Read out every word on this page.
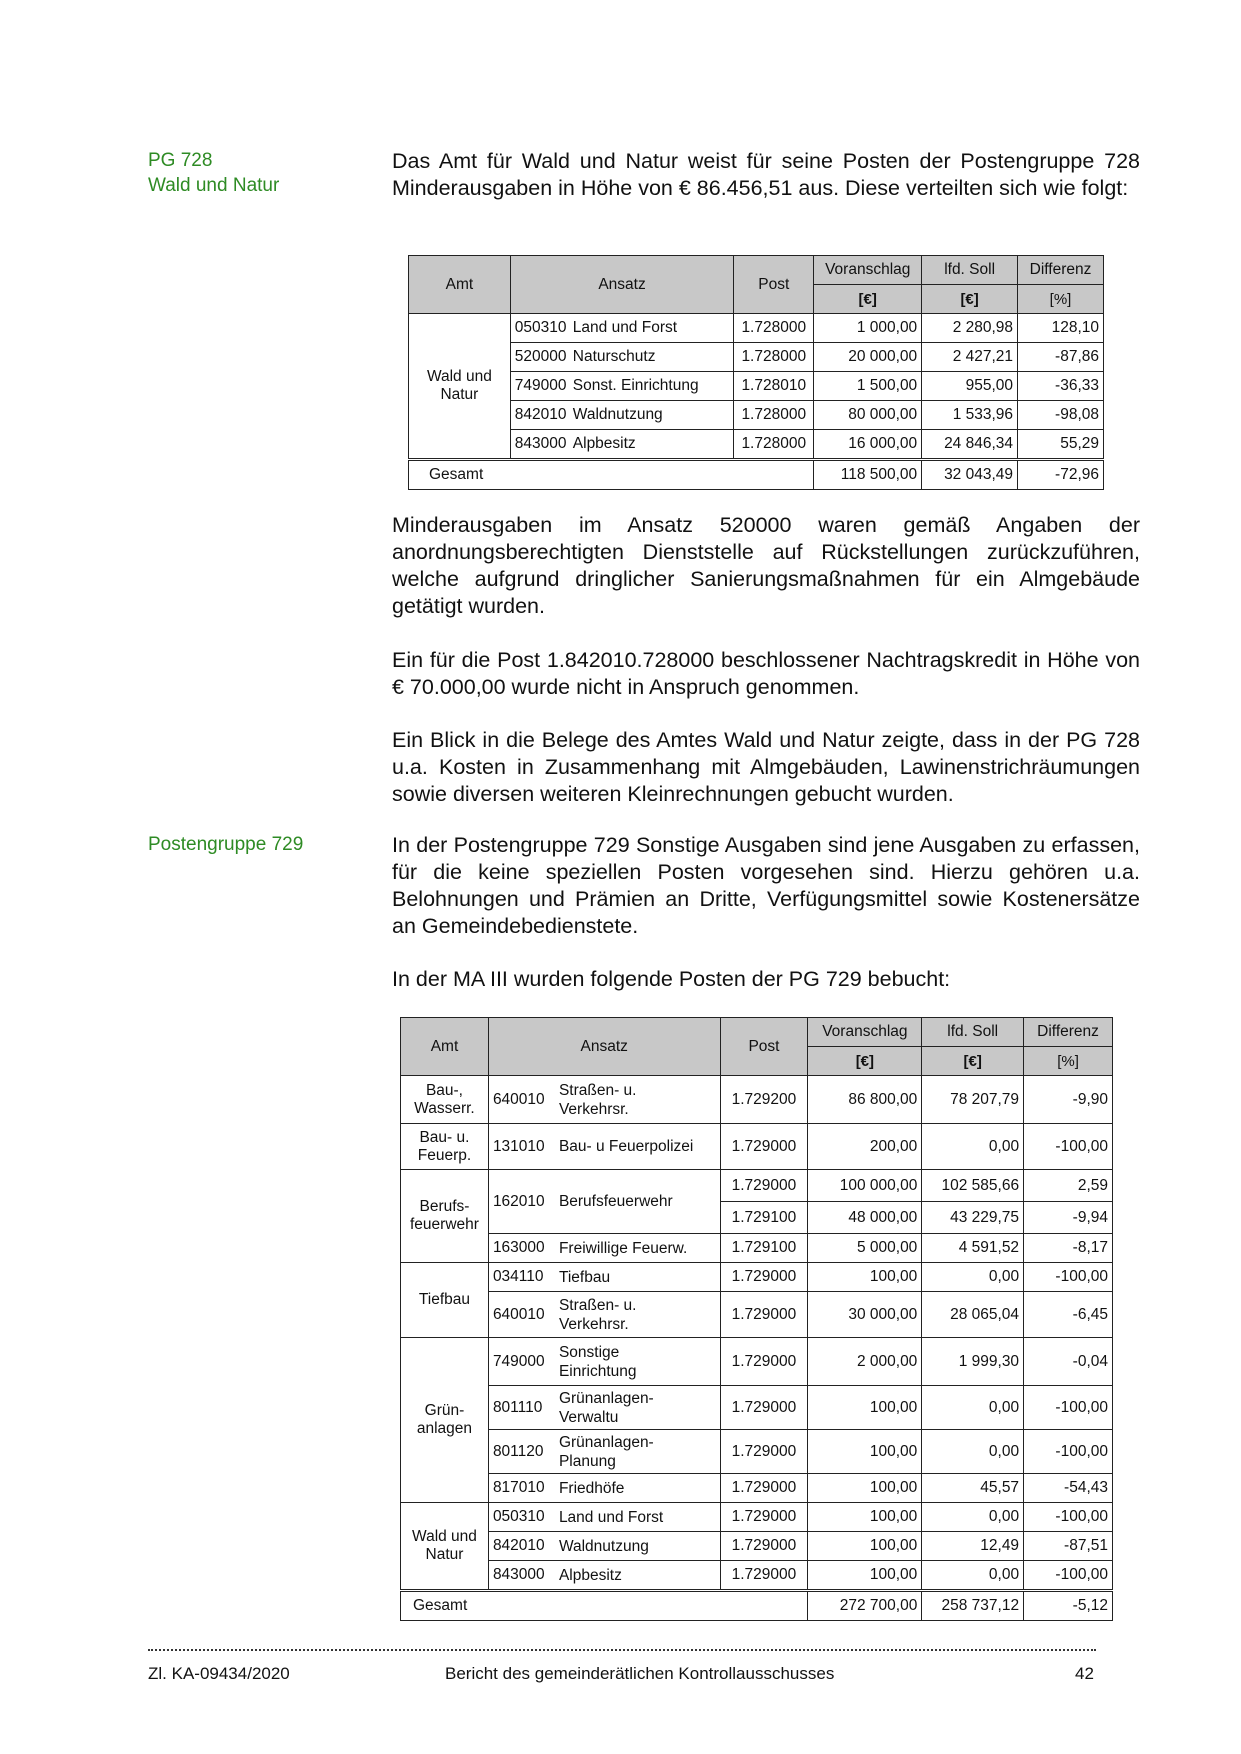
PG 728
Wald und Natur
Postengruppe 729
Das Amt für Wald und Natur weist für seine Posten der Postengruppe 728 Minderausgaben in Höhe von € 86.456,51 aus. Diese verteilten sich wie folgt:
Amt	Ansatz	Post	Voranschlag	lfd. Soll	Differenz
			[€]	[€]	[%]
Wald und Natur	050310 Land und Forst	1.728000	1 000,00	2 280,98	128,10
	520000 Naturschutz	1.728000	20 000,00	2 427,21	-87,86
	749000 Sonst. Einrichtung	1.728010	1 500,00	955,00	-36,33
	842010 Waldnutzung	1.728000	80 000,00	1 533,96	-98,08
	843000 Alpbesitz	1.728000	16 000,00	24 846,34	55,29
Gesamt			118 500,00	32 043,49	-72,96
Minderausgaben im Ansatz 520000 waren gemäß Angaben der anordnungsberechtigten Dienststelle auf Rückstellungen zurückzuführen, welche aufgrund dringlicher Sanierungsmaßnahmen für ein Almgebäude getätigt wurden.
Ein für die Post 1.842010.728000 beschlossener Nachtragskredit in Höhe von € 70.000,00 wurde nicht in Anspruch genommen.
Ein Blick in die Belege des Amtes Wald und Natur zeigte, dass in der PG 728 u.a. Kosten in Zusammenhang mit Almgebäuden, Lawinenstrichräumungen sowie diversen weiteren Kleinrechnungen gebucht wurden.
In der Postengruppe 729 Sonstige Ausgaben sind jene Ausgaben zu erfassen, für die keine speziellen Posten vorgesehen sind. Hierzu gehören u.a. Belohnungen und Prämien an Dritte, Verfügungsmittel sowie Kostenersätze an Gemeindebedienstete.
In der MA III wurden folgende Posten der PG 729 bebucht:
Amt	Ansatz	Post	Voranschlag	lfd. Soll	Differenz
			[€]	[€]	[%]
Bau-, Wasserr.	640010Straßen- u. Verkehrsr.	1.729200	86 800,00	78 207,79	-9,90
Bau- u. Feuerp.	131010 Bau- u Feuerpolizei	1.729000	200,00	0,00	-100,00
Berufs-feuerwehr	162010 Berufsfeuerwehr	1.729000	100 000,00	102 585,66	2,59
		1.729100	48 000,00	43 229,75	-9,94
	163000 Freiwillige Feuerw.	1.729100	5 000,00	4 591,52	-8,17
Tiefbau	034110 Tiefbau	1.729000	100,00	0,00	-100,00
	640010Straßen- u. Verkehrsr.	1.729000	30 000,00	28 065,04	-6,45
Grün-anlagen	749000Sonstige Einrichtung	1.729000	2 000,00	1 999,30	-0,04
	801110Grünanlagen-Verwaltu	1.729000	100,00	0,00	-100,00
	801120Grünanlagen-Planung	1.729000	100,00	0,00	-100,00
	817010 Friedhöfe	1.729000	100,00	45,57	-54,43
Wald und Natur	050310 Land und Forst	1.729000	100,00	0,00	-100,00
	842010 Waldnutzung	1.729000	100,00	12,49	-87,51
	843000 Alpbesitz	1.729000	100,00	0,00	-100,00
Gesamt			272 700,00	258 737,12	-5,12
Zl. KA-09434/2020	Bericht des gemeinderätlichen Kontrollausschusses	42
